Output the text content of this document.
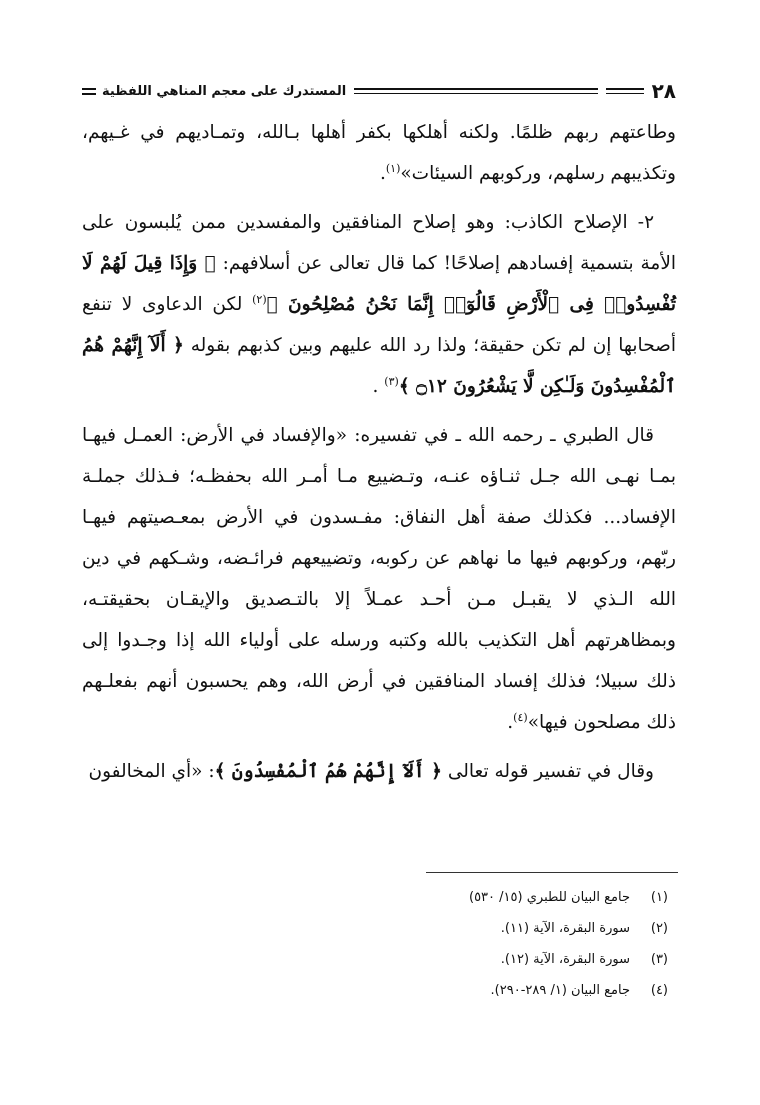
٢٨
المستدرك على معجم المناهي اللفظية

وطاعتهم ربهم ظلمًا. ولكنه أهلكها بكفر أهلها بـالله، وتمـاديهم في غـيهم، وتكذيبهم رسلهم، وركوبهم السيئات»$^{(١)}$.

٢- الإصلاح الكاذب: وهو إصلاح المنافقين والمفسدين ممن يُلبسون على الأمة بتسمية إفسادهم إصلاحًا! كما قال تعالى عن أسلافهم: ﴿ وَإِذَا قِيلَ لَهُمْ لَا تُفْسِدُوا۟ فِى ٱلْأَرْضِ قَالُوٓا۟ إِنَّمَا نَحْنُ مُصْلِحُونَ ﴾$^{(٢)}$ لكن الدعاوى لا تنفع أصحابها إن لم تكن حقيقة؛ ولذا رد الله عليهم وبين كذبهم بقوله ﴿ أَلَآ إِنَّهُمْ هُمُ ٱلْمُفْسِدُونَ وَلَـٰكِن لَّا يَشْعُرُونَ ۝١٢ ﴾$^{(٣)}$ .

قال الطبري ـ رحمه الله ـ في تفسيره: «والإفساد في الأرض: العمـل فيهـا بمـا نهـى الله جـل ثنـاؤه عنـه، وتـضييع مـا أمـر الله بحفظـه؛ فـذلك جملـة الإفساد... فكذلك صفة أهل النفاق: مفـسدون في الأرض بمعـصيتهم فيهـا ربّهم، وركوبهم فيها ما نهاهم عن ركوبه، وتضييعهم فرائـضه، وشـكهم في دين الله الـذي لا يقبـل مـن أحـد عمـلاً إلا بالتـصديق والإيقـان بحقيقتـه، وبمظاهرتهم أهل التكذيب بالله وكتبه ورسله على أولياء الله إذا وجـدوا إلى ذلك سبيلا؛ فذلك إفساد المنافقين في أرض الله، وهم يحسبون أنهم بفعلـهم ذلك مصلحون فيها»$^{(٤)}$.

وقال في تفسير قوله تعالى ﴿ أَلَآ إِنَّهُمْ هُمُ ٱلْمُفْسِدُونَ ﴾: «أي المخالفون

(١)
جامع البيان للطبري (١٥/ ٥٣٠)
(٢)
سورة البقرة، الآية (١١).
(٣)
سورة البقرة، الآية (١٢).
(٤)
جامع البيان (١/ ٢٨٩-٢٩٠).
